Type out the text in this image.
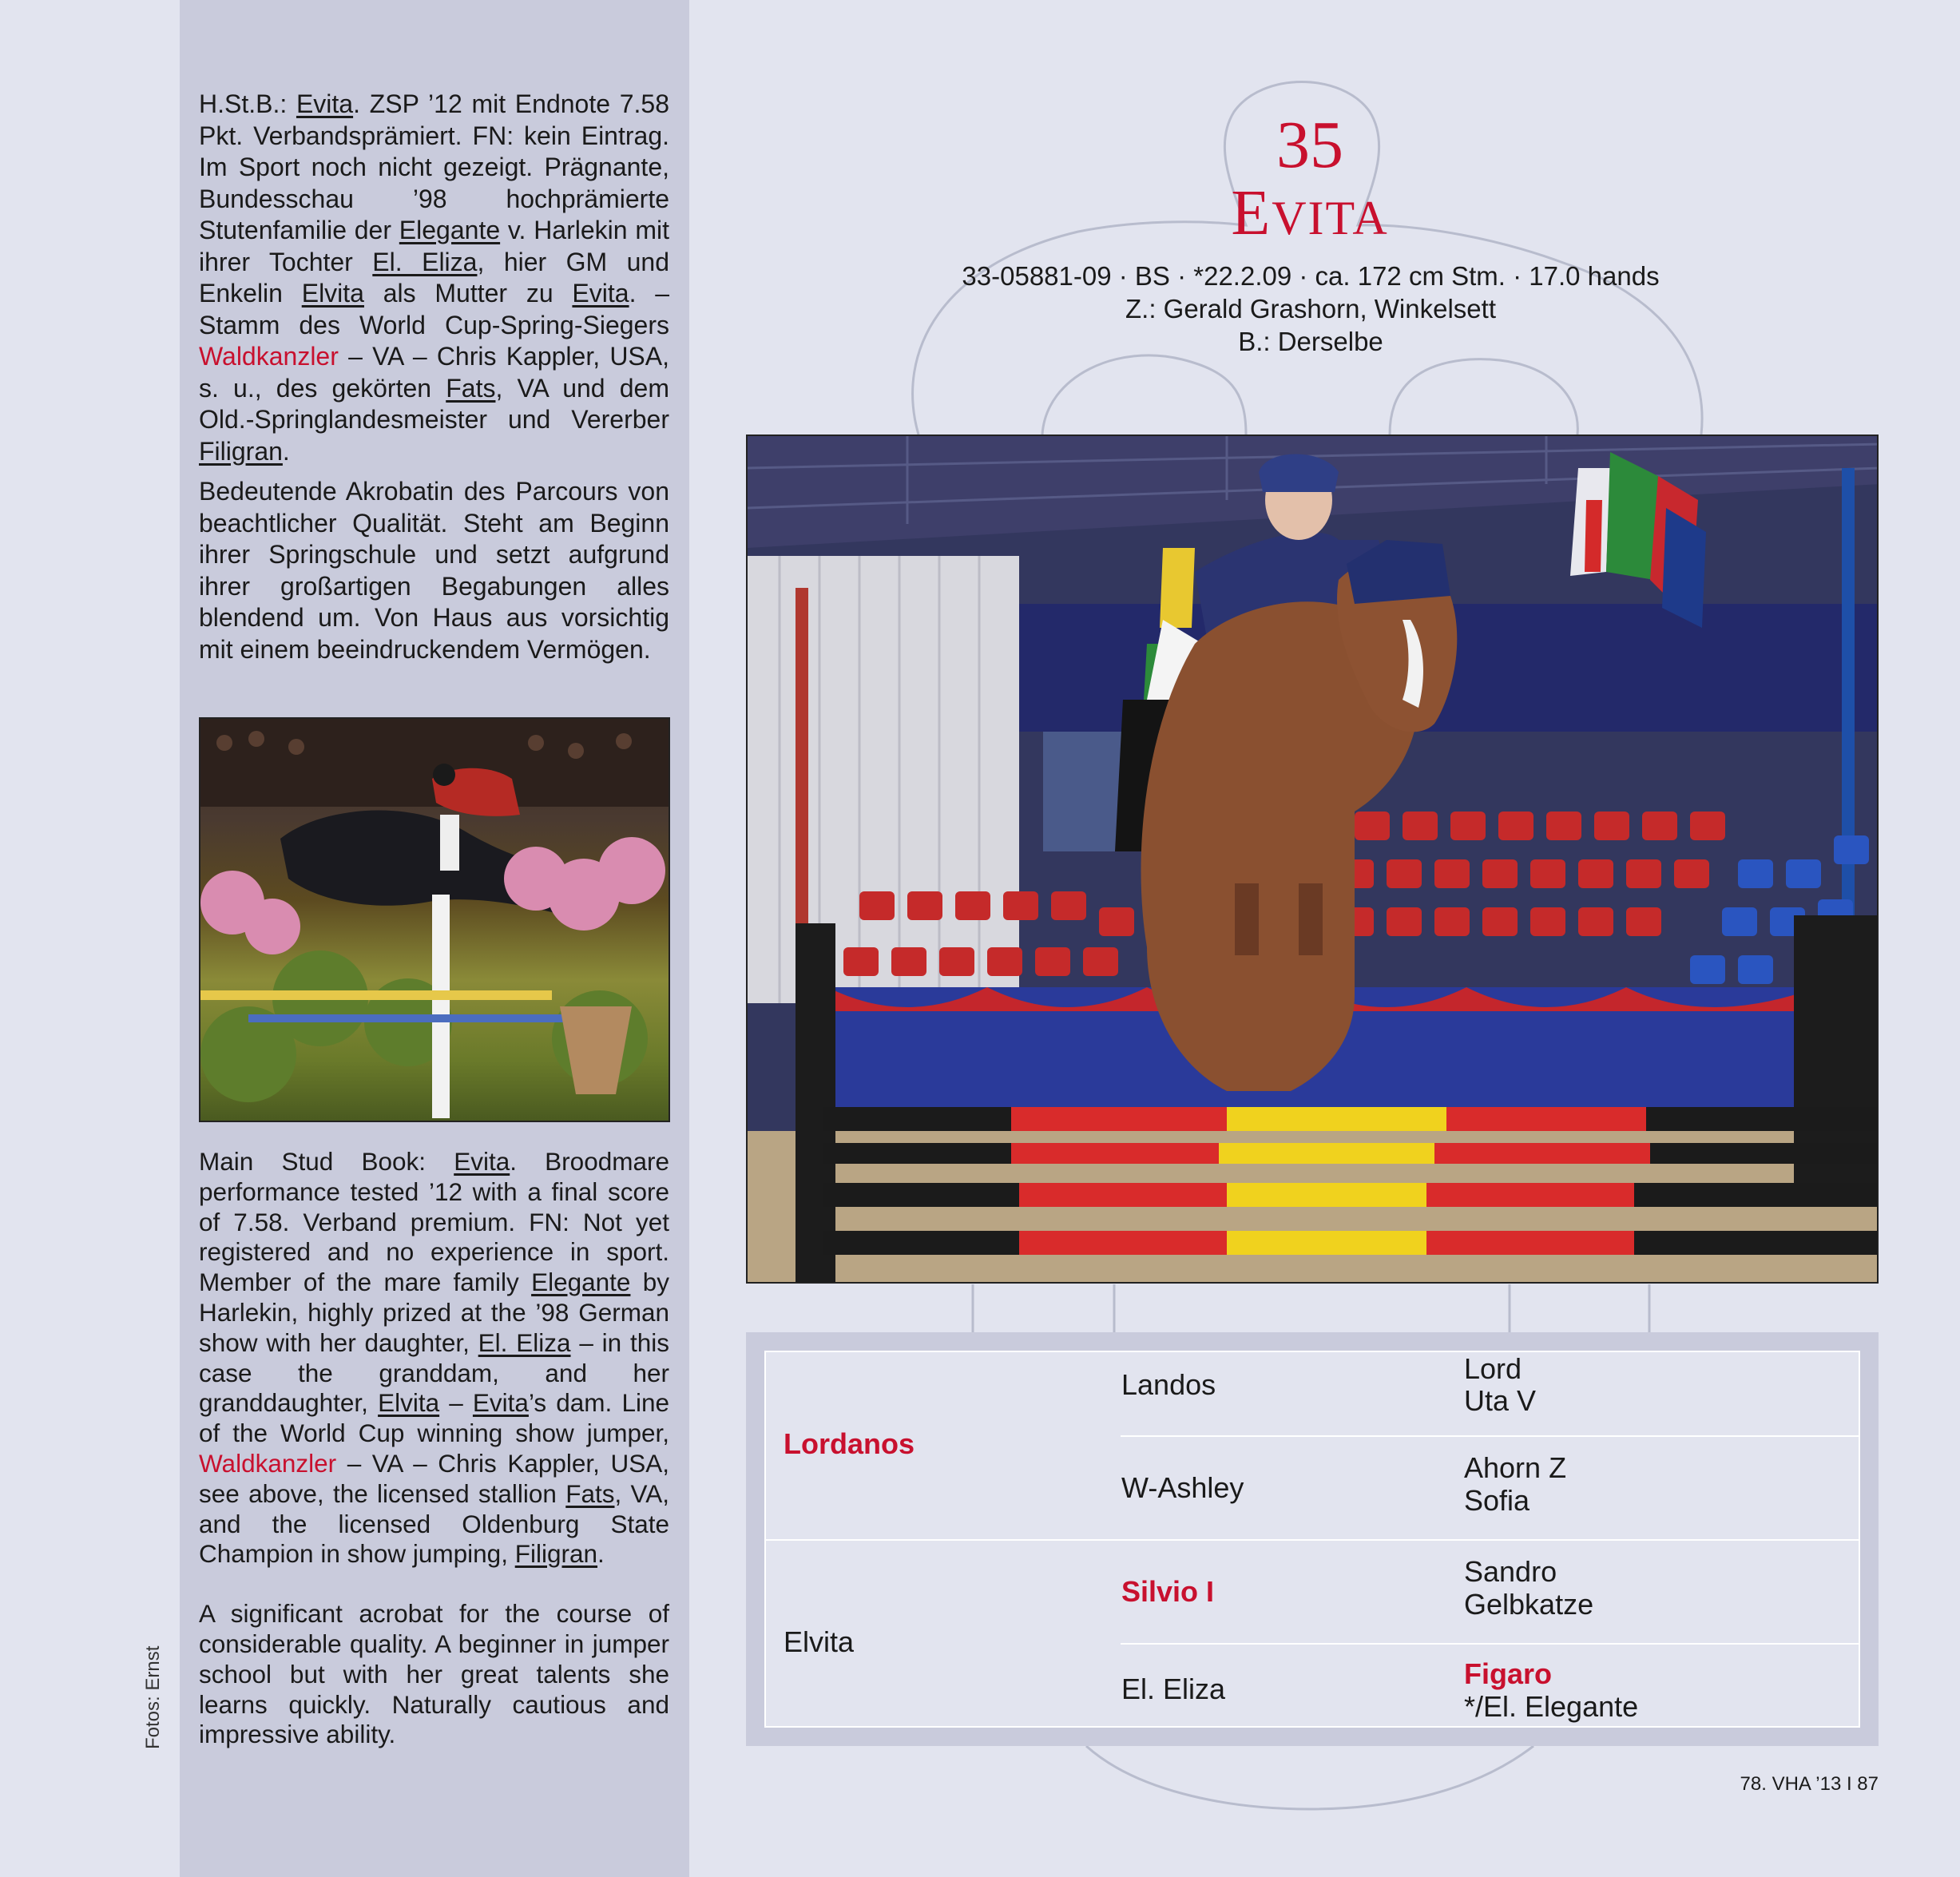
Fotos: Ernst

H.St.B.: Evita. ZSP ’12 mit Endnote 7.58 Pkt. Verbandsprämiert. FN: kein Eintrag. Im Sport noch nicht gezeigt. Prägnante, Bundesschau ’98 hochprämierte Stutenfamilie der Elegante v. Harlekin mit ihrer Tochter El. Eliza, hier GM und Enkelin Elvita als Mutter zu Evita. – Stamm des World Cup-Spring-Siegers Waldkanzler – VA – Chris Kappler, USA, s. u., des gekörten Fats, VA und dem Old.-Springlandesmeister und Vererber Filigran.

Bedeutende Akrobatin des Parcours von beachtlicher Qualität. Steht am Beginn ihrer Springschule und setzt aufgrund ihrer großartigen Begabungen alles blendend um. Von Haus aus vorsichtig mit einem beeindruckendem Vermögen.

Main Stud Book: Evita. Broodmare performance tested ’12 with a final score of 7.58. Verband premium. FN: Not yet registered and no experience in sport. Member of the mare family Elegante by Harlekin, highly prized at the ’98 German show with her daughter, El. Eliza – in this case the granddam, and her granddaughter, Elvita – Evita’s dam. Line of the World Cup winning show jumper, Waldkanzler – VA – Chris Kappler, USA, see above, the licensed stallion Fats, VA, and the licensed Oldenburg State Champion in show jumping, Filigran.

A significant acrobat for the course of considerable quality. A beginner in jumper school but with her great talents she learns quickly. Naturally cautious and impressive ability.

35
EVITA
33-05881-09 · BS · *22.2.09 · ca. 172 cm Stm. · 17.0 hands
Z.: Gerald Grashorn, Winkelsett
B.: Derselbe
Lordanos
Elvita
Landos
W-Ashley
Silvio I
El. Eliza
Lord
Uta V
Ahorn Z
Sofia
Sandro
Gelbkatze
Figaro
*/El. Elegante
78. VHA ’13 I 87
